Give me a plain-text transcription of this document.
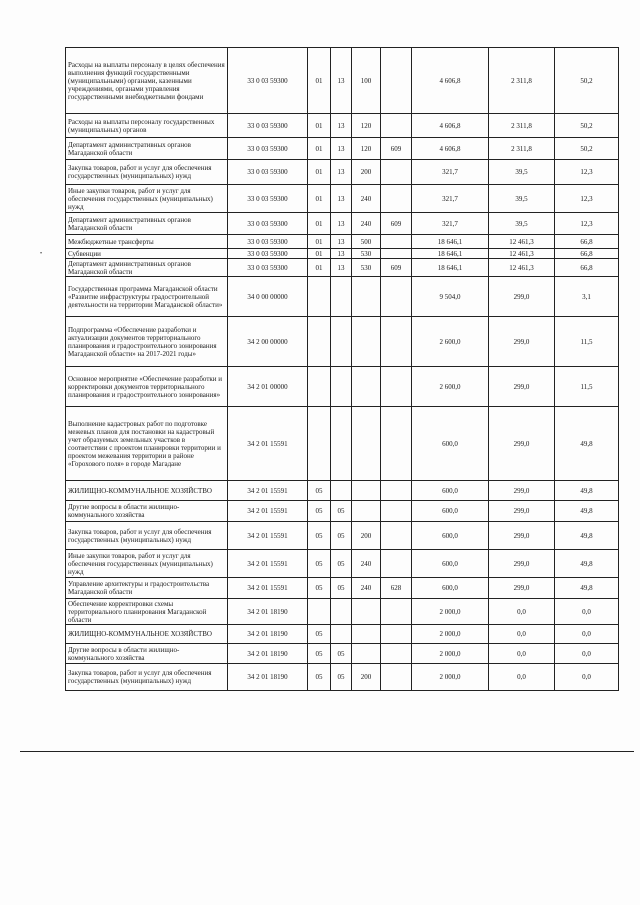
Расходы на выплаты персоналу в целях обеспечения выполнения функций государственными (муниципальными) органами, казенными учреждениями, органами управления государственными внебюджетными фондами	33 0 03 59300	01	13	100		4 606,8	2 311,8	50,2
Расходы на выплаты персоналу государственных (муниципальных) органов	33 0 03 59300	01	13	120		4 606,8	2 311,8	50,2
Департамент административных органов Магаданской области	33 0 03 59300	01	13	120	609	4 606,8	2 311,8	50,2
Закупка товаров, работ и услуг для обеспечения государственных (муниципальных) нужд	33 0 03 59300	01	13	200		321,7	39,5	12,3
Иные закупки товаров, работ и услуг для обеспечения государственных (муниципальных) нужд	33 0 03 59300	01	13	240		321,7	39,5	12,3
Департамент административных органов Магаданской области	33 0 03 59300	01	13	240	609	321,7	39,5	12,3
Межбюджетные трансферты	33 0 03 59300	01	13	500		18 646,1	12 461,3	66,8
Субвенции	33 0 03 59300	01	13	530		18 646,1	12 461,3	66,8
Департамент административных органов Магаданской области	33 0 03 59300	01	13	530	609	18 646,1	12 461,3	66,8
Государственная программа Магаданской области «Развитие инфраструктуры градостроительной деятельности на территории Магаданской области»	34 0 00 00000					9 504,0	299,0	3,1
Подпрограмма «Обеспечение разработки и актуализации документов территориального планирования и градостроительного зонирования Магаданской области» на 2017-2021 годы»	34 2 00 00000					2 600,0	299,0	11,5
Основное мероприятие «Обеспечение разработки и корректировки документов территориального планирования и градостроительного зонирования»	34 2 01 00000					2 600,0	299,0	11,5
Выполнение кадастровых работ по подготовке межевых планов для постановки на кадастровый учет образуемых земельных участков в соответствии с проектом планировки территории и проектом межевания территории в районе «Горохового поля» в городе Магадане	34 2 01 15591					600,0	299,0	49,8
ЖИЛИЩНО-КОММУНАЛЬНОЕ ХОЗЯЙСТВО	34 2 01 15591	05				600,0	299,0	49,8
Другие вопросы в области жилищно-коммунального хозяйства	34 2 01 15591	05	05			600,0	299,0	49,8
Закупка товаров, работ и услуг для обеспечения государственных (муниципальных) нужд	34 2 01 15591	05	05	200		600,0	299,0	49,8
Иные закупки товаров, работ и услуг для обеспечения государственных (муниципальных) нужд	34 2 01 15591	05	05	240		600,0	299,0	49,8
Управление архитектуры и градостроительства Магаданской области	34 2 01 15591	05	05	240	628	600,0	299,0	49,8
Обеспечение корректировки схемы территориального планирования Магаданской области	34 2 01 18190					2 000,0	0,0	0,0
ЖИЛИЩНО-КОММУНАЛЬНОЕ ХОЗЯЙСТВО	34 2 01 18190	05				2 000,0	0,0	0,0
Другие вопросы в области жилищно-коммунального хозяйства	34 2 01 18190	05	05			2 000,0	0,0	0,0
Закупка товаров, работ и услуг для обеспечения государственных (муниципальных) нужд	34 2 01 18190	05	05	200		2 000,0	0,0	0,0
•
